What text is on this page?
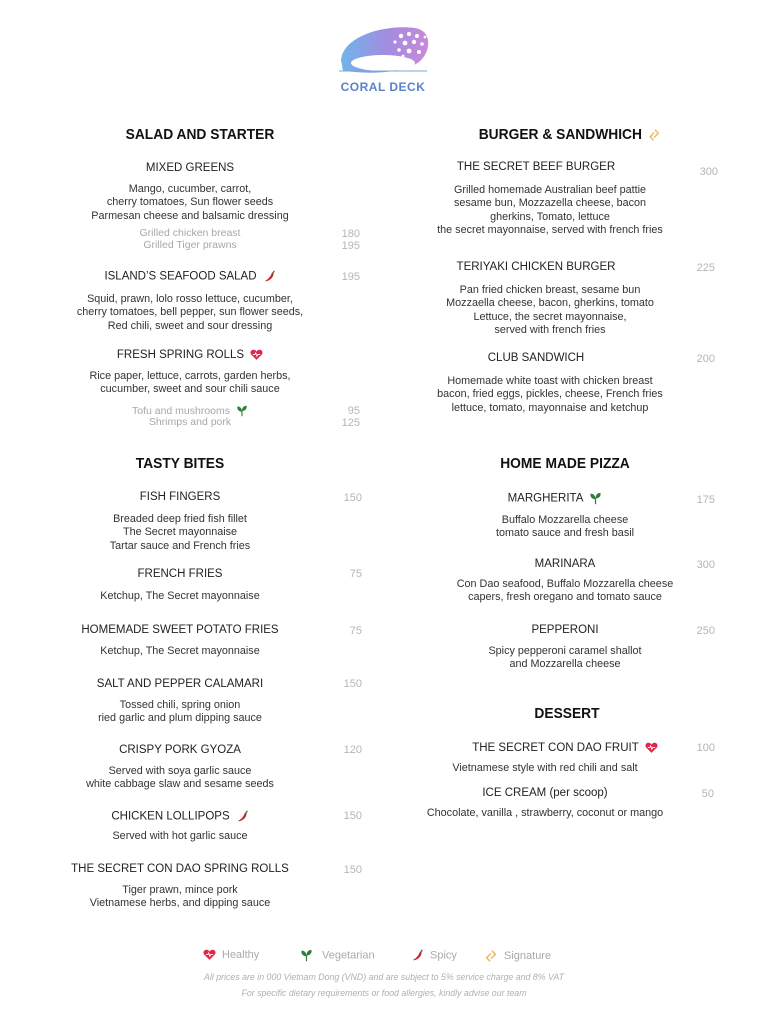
CORAL DECK
SALAD AND STARTER
MIXED GREENS
Mango, cucumber, carrot,
cherry tomatoes, Sun flower seeds
Parmesan cheese and balsamic dressing
Grilled chicken breast	180
Grilled Tiger prawns	195
ISLAND’S SEAFOOD SALAD	195
Squid, prawn, lolo rosso lettuce, cucumber,
cherry tomatoes, bell pepper, sun flower seeds,
Red chili, sweet and sour dressing
FRESH SPRING ROLLS
Rice paper, lettuce, carrots, garden herbs,
cucumber, sweet and sour chili sauce
Tofu and mushrooms	95
Shrimps and pork	125
TASTY BITES
FISH FINGERS	150
Breaded deep fried fish fillet
The Secret mayonnaise
Tartar sauce and French fries
FRENCH FRIES	75
Ketchup, The Secret mayonnaise
HOMEMADE SWEET POTATO FRIES	75
Ketchup, The Secret mayonnaise
SALT AND PEPPER CALAMARI	150
Tossed chili, spring onion
ried garlic and plum dipping sauce
CRISPY PORK GYOZA	120
Served with soya garlic sauce
white cabbage slaw and sesame seeds
CHICKEN LOLLIPOPS	150
Served with hot garlic sauce
THE SECRET CON DAO SPRING ROLLS	150
Tiger prawn, mince pork
Vietnamese herbs, and dipping sauce
BURGER & SANDWHICH
THE SECRET BEEF BURGER	300
Grilled homemade Australian beef pattie
sesame bun, Mozzazella cheese, bacon
gherkins, Tomato, lettuce
the secret mayonnaise, served with french fries
TERIYAKI CHICKEN BURGER	225
Pan fried chicken breast, sesame bun
Mozzaella cheese, bacon, gherkins, tomato
Lettuce, the secret mayonnaise,
served with french fries
CLUB SANDWICH	200
Homemade white toast with chicken breast
bacon, fried eggs, pickles, cheese, French fries
lettuce, tomato, mayonnaise and ketchup
HOME MADE PIZZA
MARGHERITA	175
Buffalo Mozzarella cheese
tomato sauce and fresh basil
MARINARA	300
Con Dao seafood, Buffalo Mozzarella cheese
capers, fresh oregano and tomato sauce
PEPPERONI	250
Spicy pepperoni caramel shallot
and Mozzarella cheese
DESSERT
THE SECRET CON DAO FRUIT	100
Vietnamese style with red chili and salt
ICE CREAM (per scoop)	50
Chocolate, vanilla , strawberry, coconut or mango
Healthy	Vegetarian	Spicy	Signature
All prices are in 000 Vietnam Dong (VND) and are subject to 5% service charge and 8% VAT
For specific dietary requirements or food allergies, kindly advise our team
